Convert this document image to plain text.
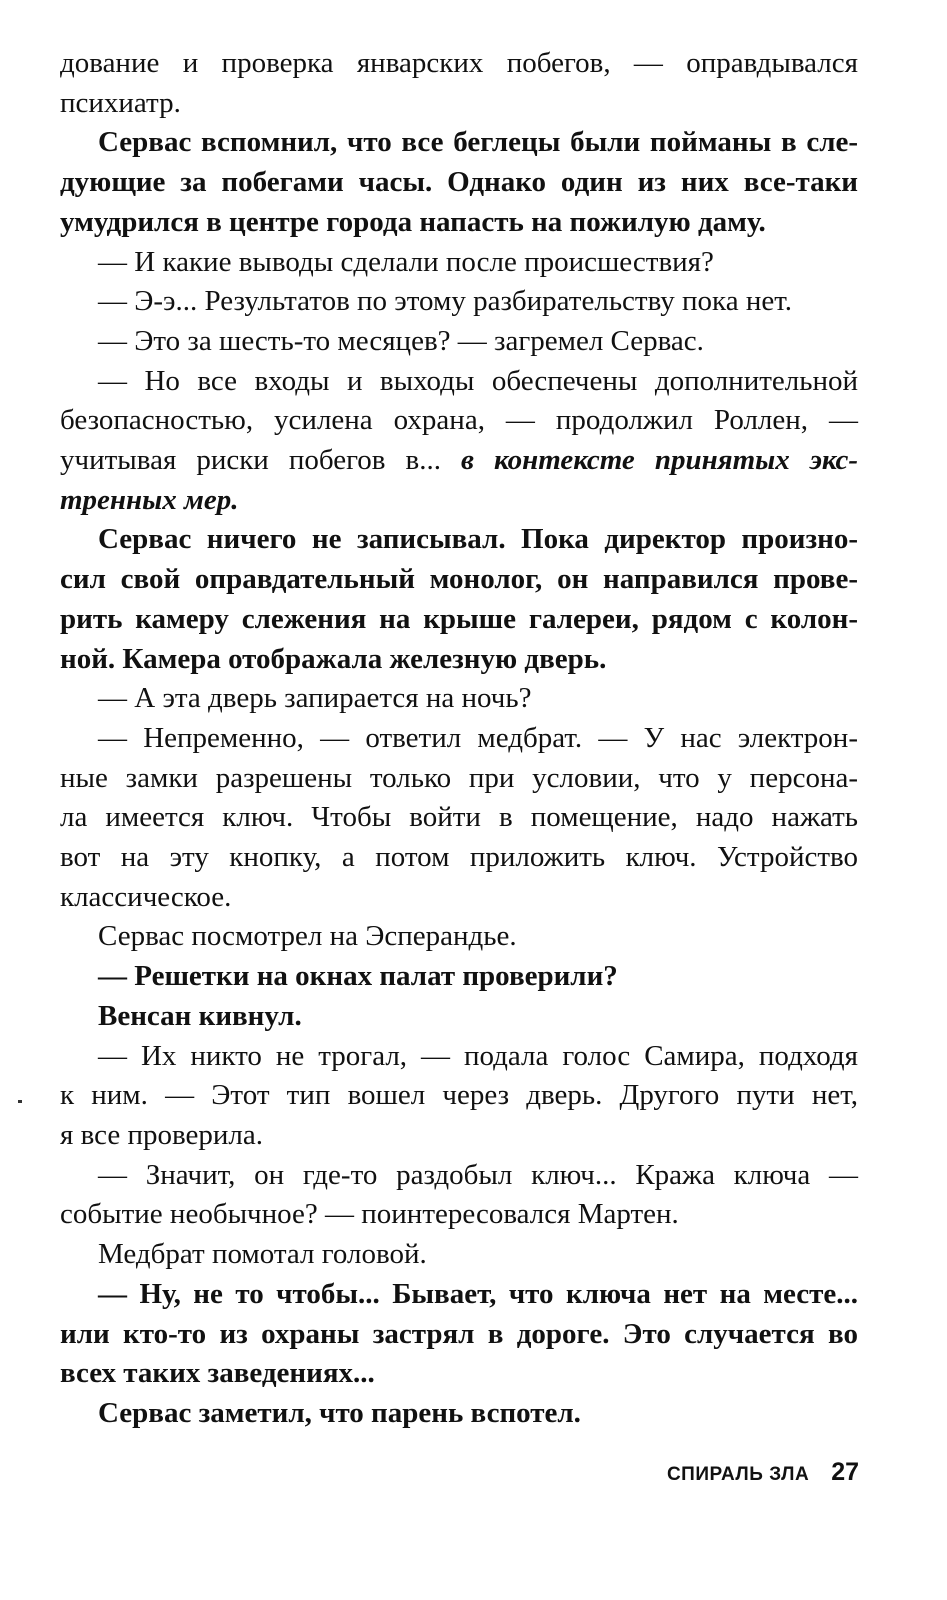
дование и проверка январских побегов, — оправдывался
психиатр.
Сервас вспомнил, что все беглецы были пойманы в сле-
дующие за побегами часы. Однако один из них все-таки
умудрился в центре города напасть на пожилую даму.
— И какие выводы сделали после происшествия?
— Э-э... Результатов по этому разбирательству пока нет.
— Это за шесть-то месяцев? — загремел Сервас.
— Но все входы и выходы обеспечены дополнительной
безопасностью, усилена охрана, — продолжил Роллен, —
учитывая риски побегов в... в контексте принятых экс-
тренных мер.
Сервас ничего не записывал. Пока директор произно-
сил свой оправдательный монолог, он направился прове-
рить камеру слежения на крыше галереи, рядом с колон-
ной. Камера отображала железную дверь.
— А эта дверь запирается на ночь?
— Непременно, — ответил медбрат. — У нас электрон-
ные замки разрешены только при условии, что у персона-
ла имеется ключ. Чтобы войти в помещение, надо нажать
вот на эту кнопку, а потом приложить ключ. Устройство
классическое.
Сервас посмотрел на Эсперандье.
— Решетки на окнах палат проверили?
Венсан кивнул.
— Их никто не трогал, — подала голос Самира, подходя
к ним. — Этот тип вошел через дверь. Другого пути нет,
я все проверила.
— Значит, он где-то раздобыл ключ... Кража ключа —
событие необычное? — поинтересовался Мартен.
Медбрат помотал головой.
— Ну, не то чтобы... Бывает, что ключа нет на месте...
или кто-то из охраны застрял в дороге. Это случается во
всех таких заведениях...
Сервас заметил, что парень вспотел.
СПИРАЛЬ ЗЛА 27
